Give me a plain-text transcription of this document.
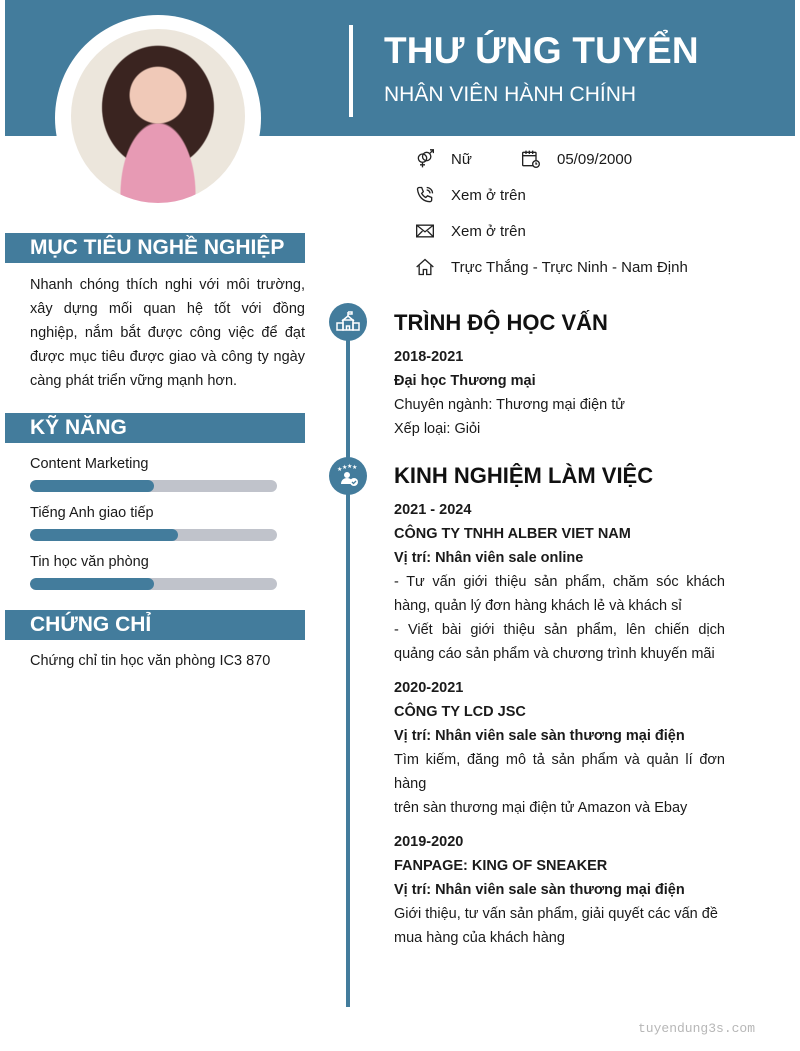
THƯ ỨNG TUYỂN
NHÂN VIÊN HÀNH CHÍNH
Nữ	05/09/2000
Xem ở trên
Xem ở trên
Trực Thắng - Trực Ninh - Nam Định
MỤC TIÊU NGHỀ NGHIỆP
Nhanh chóng thích nghi với môi trường,
xây dựng mối quan hệ tốt với đồng
nghiệp, nắm bắt được công việc để đạt
được mục tiêu được giao và công ty ngày
càng phát triển vững mạnh hơn.
KỸ NĂNG
Content Marketing
Tiếng Anh giao tiếp
Tin học văn phòng
CHỨNG CHỈ
Chứng chỉ tin học văn phòng IC3 870
★ ★ ★ ★
TRÌNH ĐỘ HỌC VẤN
2018-2021
Đại học Thương mại
Chuyên ngành: Thương mại điện tử
Xếp loại: Giỏi
KINH NGHIỆM LÀM VIỆC
2021 - 2024
CÔNG TY TNHH ALBER VIET NAM
Vị trí: Nhân viên sale online
- Tư vấn giới thiệu sản phẩm, chăm sóc khách
hàng, quản lý đơn hàng khách lẻ và khách sỉ
- Viết bài giới thiệu sản phẩm, lên chiến dịch
quảng cáo sản phẩm và chương trình khuyến mãi
2020-2021
CÔNG TY LCD JSC
Vị trí: Nhân viên sale sàn thương mại điện
Tìm kiếm, đăng mô tả sản phẩm và quản lí đơn
hàng
trên sàn thương mại điện tử Amazon và Ebay
2019-2020
FANPAGE: KING OF SNEAKER
Vị trí: Nhân viên sale sàn thương mại điện
Giới thiệu, tư vấn sản phẩm, giải quyết các vấn đề
mua hàng của khách hàng
tuyendung3s.com
